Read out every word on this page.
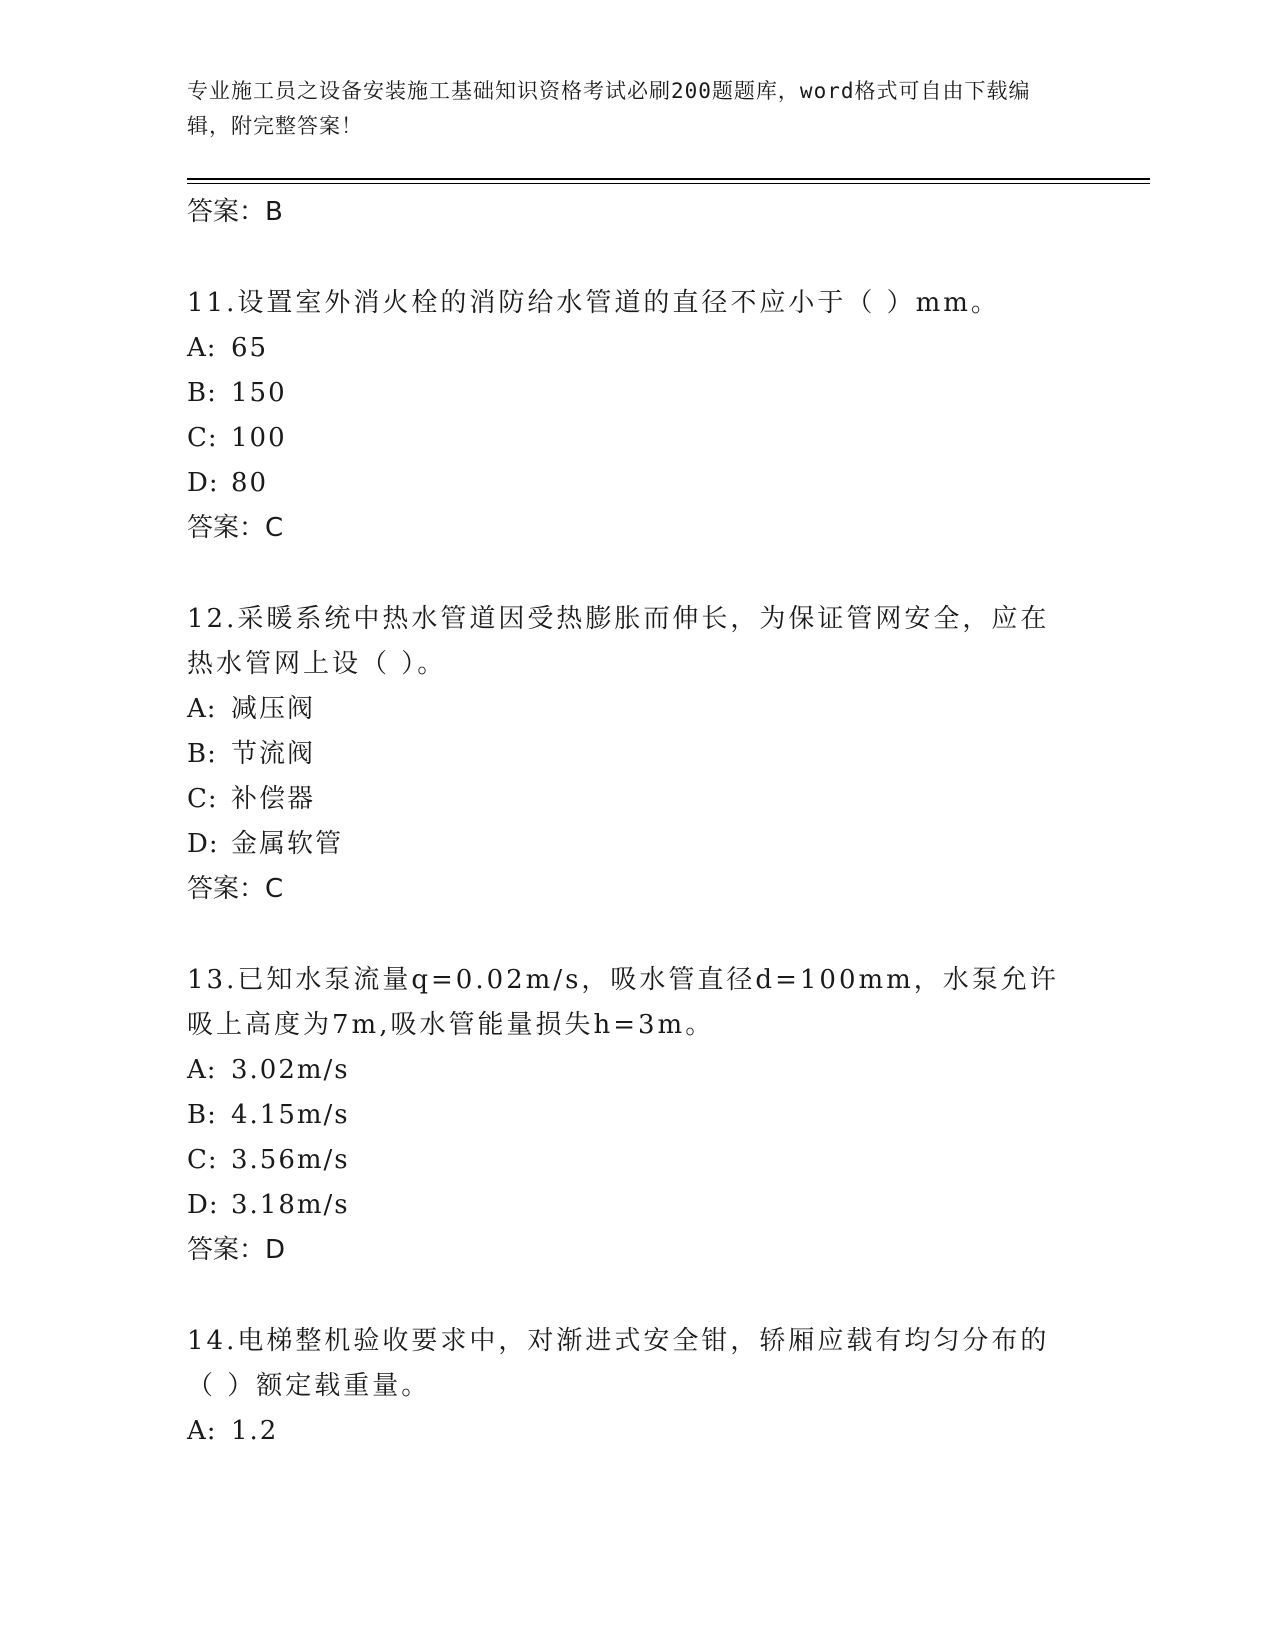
专业施工员之设备安装施工基础知识资格考试必刷200题题库，word格式可自由下载编辑，附完整答案！
答案：B
11.设置室外消火栓的消防给水管道的直径不应小于（ ）mm。
A: 65
B: 150
C: 100
D: 80
答案：C
12.采暖系统中热水管道因受热膨胀而伸长，为保证管网安全，应在热水管网上设（ ）。
A: 减压阀
B: 节流阀
C: 补偿器
D: 金属软管
答案：C
13.已知水泵流量q=0.02m/s，吸水管直径d=100mm，水泵允许吸上高度为7m,吸水管能量损失h=3m。
A: 3.02m/s
B: 4.15m/s
C: 3.56m/s
D: 3.18m/s
答案：D
14.电梯整机验收要求中，对渐进式安全钳，轿厢应载有均匀分布的（ ）额定载重量。
A: 1.2
